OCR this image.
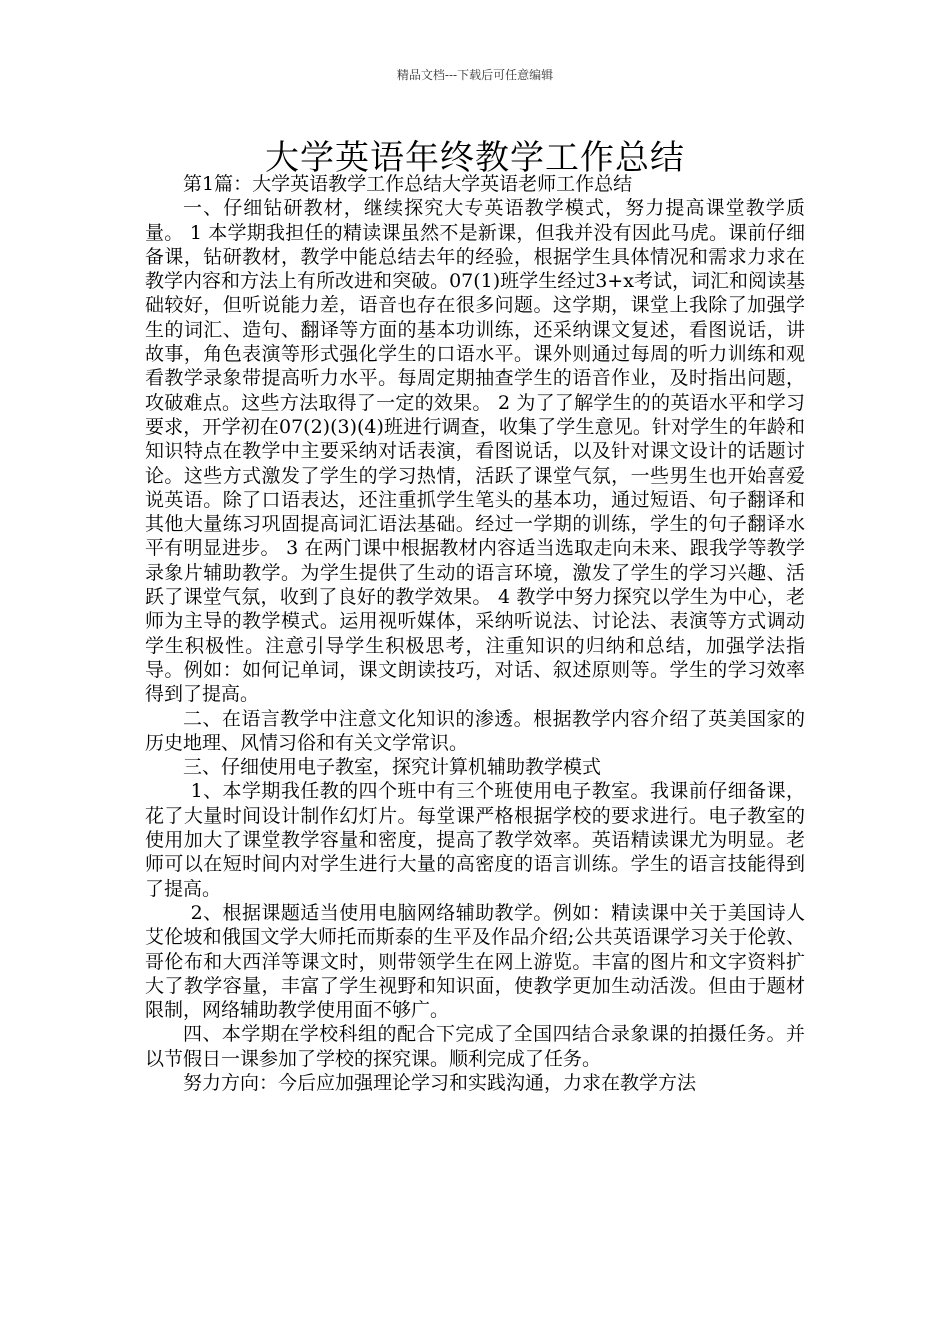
精品文档---下载后可任意编辑
大学英语年终教学工作总结

第1篇：大学英语教学工作总结大学英语老师工作总结

一、仔细钻研教材，继续探究大专英语教学模式，努力提高课堂教学质量。 1 本学期我担任的精读课虽然不是新课，但我并没有因此马虎。课前仔细备课，钻研教材，教学中能总结去年的经验，根据学生具体情况和需求力求在教学内容和方法上有所改进和突破。07(1)班学生经过3+x考试，词汇和阅读基础较好，但听说能力差，语音也存在很多问题。这学期，课堂上我除了加强学生的词汇、造句、翻译等方面的基本功训练，还采纳课文复述，看图说话，讲故事，角色表演等形式强化学生的口语水平。课外则通过每周的听力训练和观看教学录象带提高听力水平。每周定期抽查学生的语音作业，及时指出问题，攻破难点。这些方法取得了一定的效果。 2 为了了解学生的的英语水平和学习要求，开学初在07(2)(3)(4)班进行调查，收集了学生意见。针对学生的年龄和知识特点在教学中主要采纳对话表演，看图说话，以及针对课文设计的话题讨论。这些方式激发了学生的学习热情，活跃了课堂气氛，一些男生也开始喜爱说英语。除了口语表达，还注重抓学生笔头的基本功，通过短语、句子翻译和其他大量练习巩固提高词汇语法基础。经过一学期的训练，学生的句子翻译水平有明显进步。 3 在两门课中根据教材内容适当选取走向未来、跟我学等教学录象片辅助教学。为学生提供了生动的语言环境，激发了学生的学习兴趣、活跃了课堂气氛，收到了良好的教学效果。 4 教学中努力探究以学生为中心，老师为主导的教学模式。运用视听媒体，采纳听说法、讨论法、表演等方式调动学生积极性。注意引导学生积极思考，注重知识的归纳和总结，加强学法指导。例如：如何记单词，课文朗读技巧，对话、叙述原则等。学生的学习效率得到了提高。

二、在语言教学中注意文化知识的渗透。根据教学内容介绍了英美国家的历史地理、风情习俗和有关文学常识。

三、仔细使用电子教室，探究计算机辅助教学模式

1、本学期我任教的四个班中有三个班使用电子教室。我课前仔细备课，花了大量时间设计制作幻灯片。每堂课严格根据学校的要求进行。电子教室的使用加大了课堂教学容量和密度，提高了教学效率。英语精读课尤为明显。老师可以在短时间内对学生进行大量的高密度的语言训练。学生的语言技能得到了提高。

2、根据课题适当使用电脑网络辅助教学。例如：精读课中关于美国诗人艾伦坡和俄国文学大师托而斯泰的生平及作品介绍;公共英语课学习关于伦敦、哥伦布和大西洋等课文时，则带领学生在网上游览。丰富的图片和文字资料扩大了教学容量，丰富了学生视野和知识面，使教学更加生动活泼。但由于题材限制，网络辅助教学使用面不够广。

四、本学期在学校科组的配合下完成了全国四结合录象课的拍摄任务。并以节假日一课参加了学校的探究课。顺利完成了任务。

努力方向：今后应加强理论学习和实践沟通，力求在教学方法
